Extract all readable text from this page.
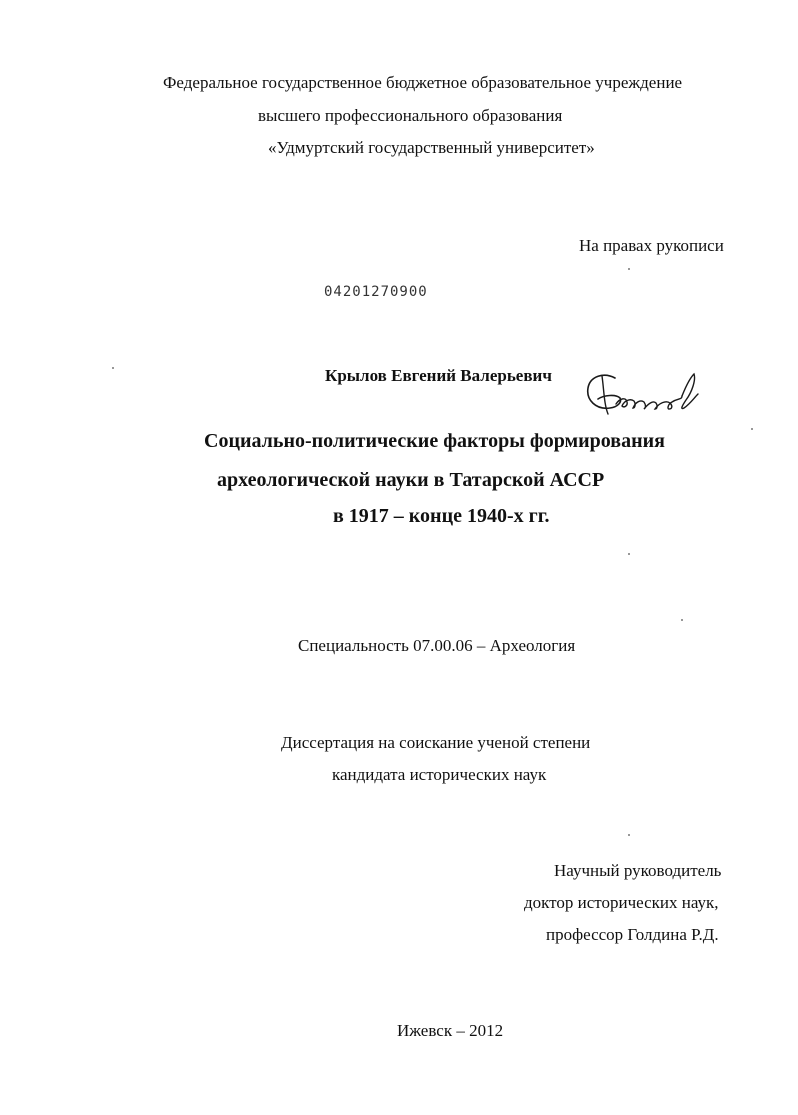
Федеральное государственное бюджетное образовательное учреждение
высшего профессионального образования
«Удмуртский государственный университет»
На правах рукописи
04201270900
Крылов Евгений Валерьевич
Социально-политические факторы формирования
археологической науки в Татарской АССР
в 1917 – конце 1940-х гг.
Специальность 07.00.06 – Археология
Диссертация на соискание ученой степени
кандидата исторических наук
Научный руководитель
доктор исторических наук,
профессор Голдина Р.Д.
Ижевск – 2012
